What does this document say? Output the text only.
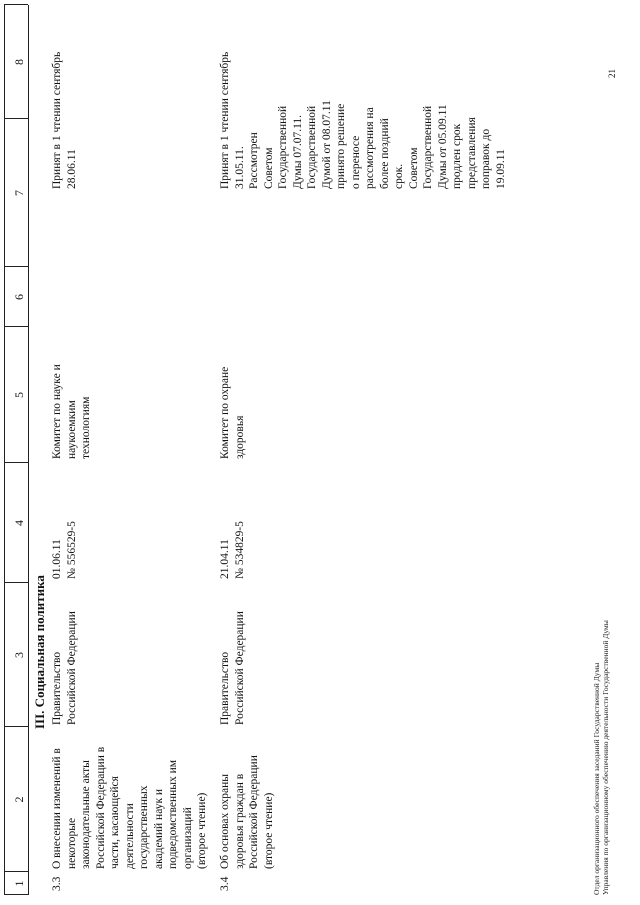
1
2
3
4
5
6
7
8
III. Социальная политика
3.3
О внесении изменений в некоторые законодательные акты Российской Федерации в части, касающейся деятельности государственных академий наук и подведомственных им организаций (второе чтение)
Правительство Российской Федерации
01.06.11 № 556529-5
Комитет по науке и наукоемким технологиям
Принят в 1 чтении сентябрь 28.06.11
3.4
Об основах охраны здоровья граждан в Российской Федерации (второе чтение)
Правительство Российской Федерации
21.04.11 № 534829-5
Комитет по охране здоровья
Принят в 1 чтении сентябрь 31.05.11. Рассмотрен Советом Государственной Думы 07.07.11. Государственной Думой от 08.07.11 принято решение о переносе рассмотрения на более поздний срок. Советом Государственной Думы от 05.09.11 продлен срок представления поправок до 19.09.11
Отдел организационного обеспечения заседаний Государственной Думы Управления по организационному обеспечению деятельности Государственной Думы
21
